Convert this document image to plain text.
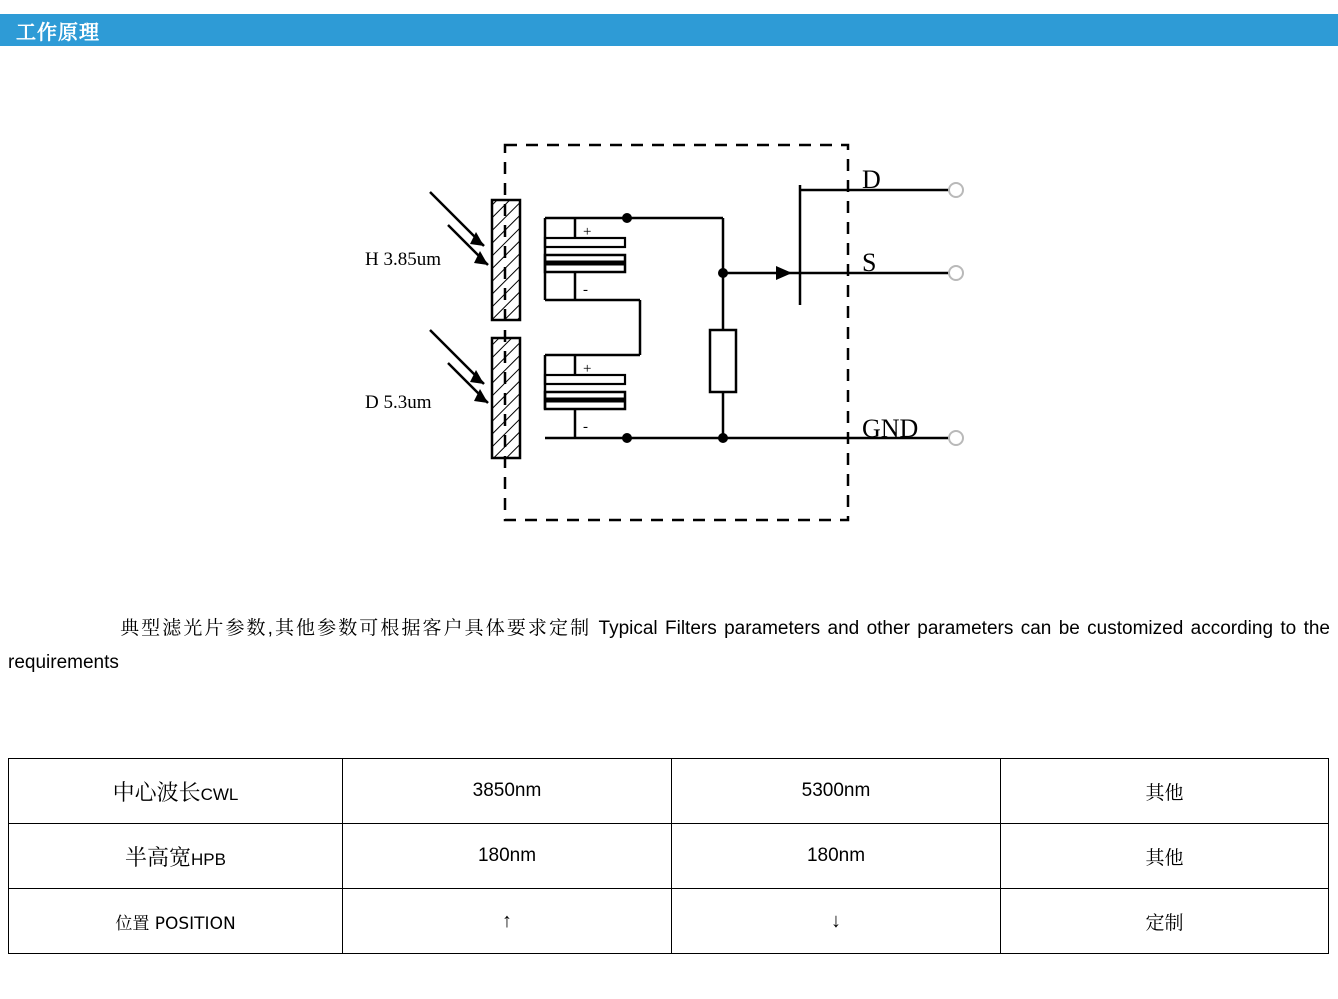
工作原理
H 3.85um
D 5.3um
+
-
+
-
D
S
GND
典型滤光片参数,其他参数可根据客户具体要求定制 Typical Filters parameters and other parameters can be customized according to the requirements
中心波长CWL	3850nm	5300nm	其他
半高宽HPB	180nm	180nm	其他
位置 POSITION	↑	↓	定制
